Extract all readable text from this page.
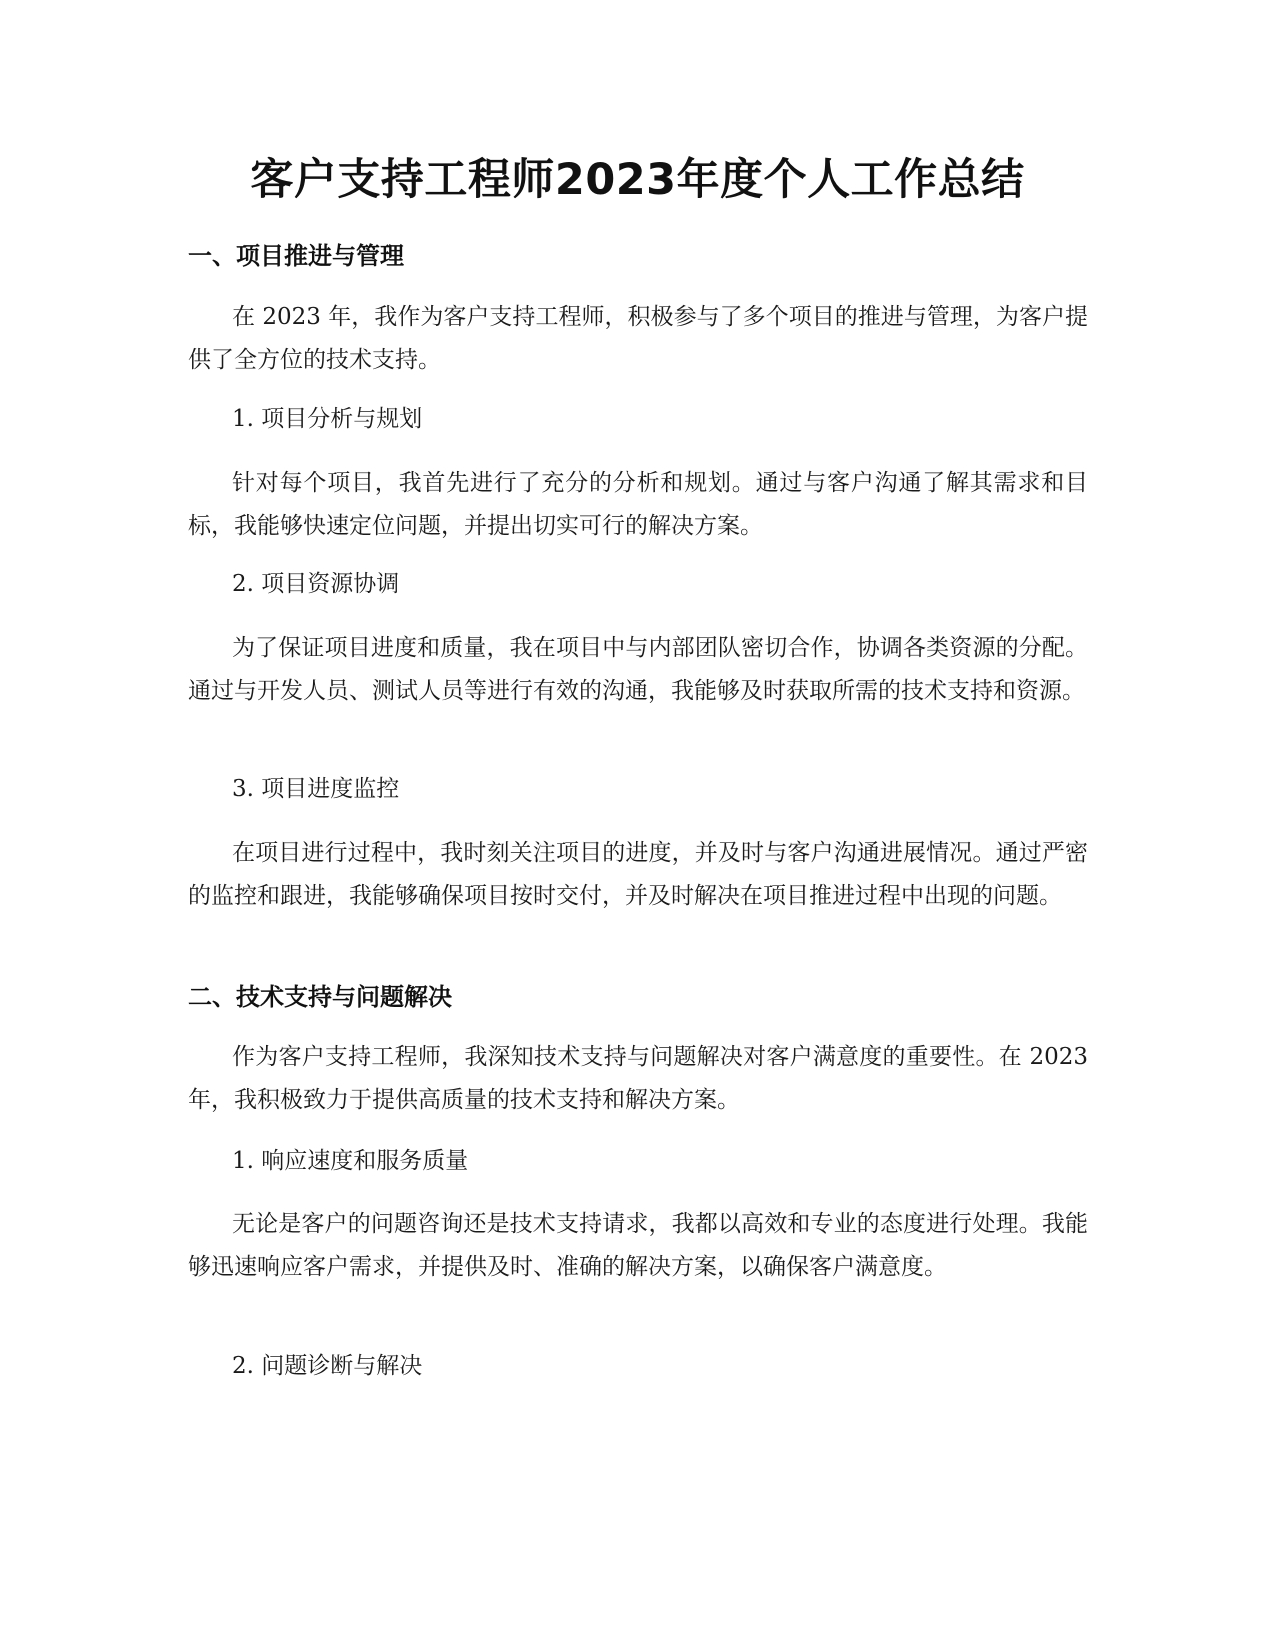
客户支持工程师2023年度个人工作总结
一、项目推进与管理

在 2023 年，我作为客户支持工程师，积极参与了多个项目的推进与管理，为客户提供了全方位的技术支持。

1. 项目分析与规划

针对每个项目，我首先进行了充分的分析和规划。通过与客户沟通了解其需求和目标，我能够快速定位问题，并提出切实可行的解决方案。

2. 项目资源协调

为了保证项目进度和质量，我在项目中与内部团队密切合作，协调各类资源的分配。通过与开发人员、测试人员等进行有效的沟通，我能够及时获取所需的技术支持和资源。

3. 项目进度监控

在项目进行过程中，我时刻关注项目的进度，并及时与客户沟通进展情况。通过严密的监控和跟进，我能够确保项目按时交付，并及时解决在项目推进过程中出现的问题。

二、技术支持与问题解决

作为客户支持工程师，我深知技术支持与问题解决对客户满意度的重要性。在 2023 年，我积极致力于提供高质量的技术支持和解决方案。

1. 响应速度和服务质量

无论是客户的问题咨询还是技术支持请求，我都以高效和专业的态度进行处理。我能够迅速响应客户需求，并提供及时、准确的解决方案，以确保客户满意度。

2. 问题诊断与解决
